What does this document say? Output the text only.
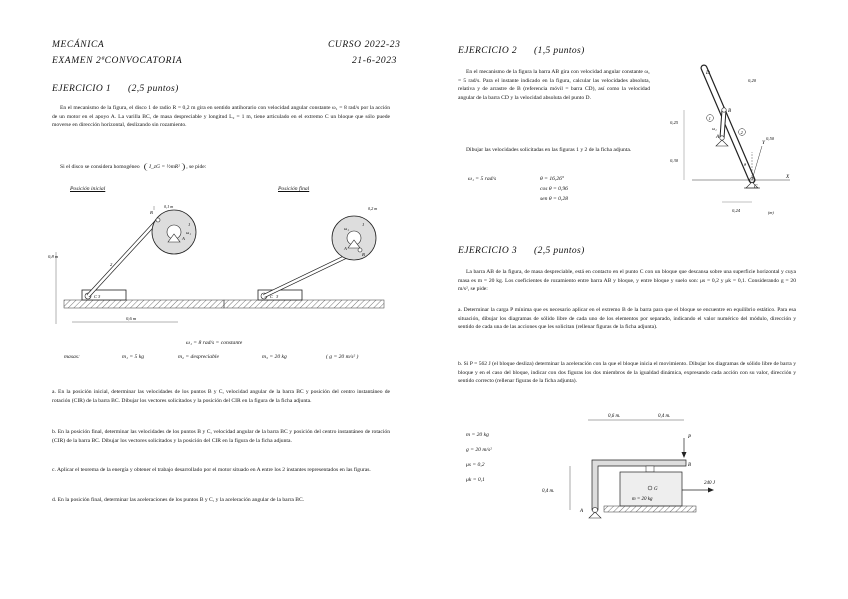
MECÁNICA	CURSO 2022-23
EXAMEN 2ªCONVOCATORIA	21-6-2023
EJERCICIO 1 (2,5 puntos)
En el mecanismo de la figura, el disco 1 de radio R = 0,2 m gira en sentido antihorario con velocidad angular constante ω₁ = 8 rad/s por la acción de un motor en el apoyo A. La varilla BC, de masa despreciable y longitud L₂ = 1 m, tiene articulado en el extremo C un bloque que sólo puede moverse en dirección horizontal, deslizando sin rozamiento.
Si el disco se considera homogéneo I_zG = ½mR² , se pide:
Posición inicial	Posición final
0,8 m
C 3
2
B
A
1
ω₁
0,1 m
0,6 m
C 3
1
ω₁
B
A
0,2 m
ω₁ = 8 rad/s = constante
masas:	m₁ = 5 kg	m₂ = despreciable	m₃ = 20 kg	( g = 20 m/s² )
a. En la posición inicial, determinar las velocidades de los puntos B y C, velocidad angular de la barra BC y posición del centro instantáneo de rotación (CIR) de la barra BC. Dibujar los vectores solicitados y la posición del CIR en la figura de la ficha adjunta.
b. En la posición final, determinar las velocidades de los puntos B y C, velocidad angular de la barra BC y posición del centro instantáneo de rotación (CIR) de la barra BC. Dibujar los vectores solicitados y la posición del CIR en la figura de la ficha adjunta.
c. Aplicar el teorema de la energía y obtener el trabajo desarrollado por el motor situado en A entre los 2 instantes representados en las figuras.
d. En la posición final, determinar las aceleraciones de los puntos B y C, y la aceleración angular de la barra BC.
EJERCICIO 2 (1,5 puntos)
En el mecanismo de la figura la barra AB gira con velocidad angular constante ω₁ = 5 rad/s. Para el instante indicado en la figura, calcular las velocidades absoluta, relativa y de arrastre de B (referencia móvil = barra CD), así como la velocidad angular de la barra CD y la velocidad absoluta del punto D.
Dibujar las velocidades solicitadas en las figuras 1 y 2 de la ficha adjunta.
ω₁ = 5 rad/s	θ = 16,26°
cos θ = 0,96
sen θ = 0,28
X
Y
D
B
A
C
1
2
ω₁
θ
0,20
0,50
0,25
0,30
0,24	(m)
EJERCICIO 3 (2,5 puntos)
La barra AB de la figura, de masa despreciable, está en contacto en el punto C con un bloque que descansa sobre una superficie horizontal y cuya masa es m = 20 kg. Los coeficientes de rozamiento entre barra AB y bloque, y entre bloque y suelo son: μs = 0,2 y μk = 0,1. Considerando g = 20 m/s², se pide:
a. Determinar la carga P mínima que es necesario aplicar en el extremo B de la barra para que el bloque se encuentre en equilibrio estático. Para esa situación, dibujar los diagramas de sólido libre de cada uno de los elementos por separado, indicando el valor numérico del módulo, dirección y sentido de cada una de las acciones que les solicitan (rellenar figuras de la ficha adjunta).
b. Si P = 562 J (el bloque desliza) determinar la aceleración con la que el bloque inicia el movimiento. Dibujar los diagramas de sólido libre de barra y bloque y en el caso del bloque, indicar con dos figuras los dos miembros de la igualdad dinámica, expresando cada acción con su valor, dirección y sentido correcto (rellenar figuras de la ficha adjunta).
m = 20 kg
g = 20 m/s²
μs = 0,2
μk = 0,1
0,6 m.	0,4 m.
A
P
B
G
m = 20 kg
240 J
0,4 m.
